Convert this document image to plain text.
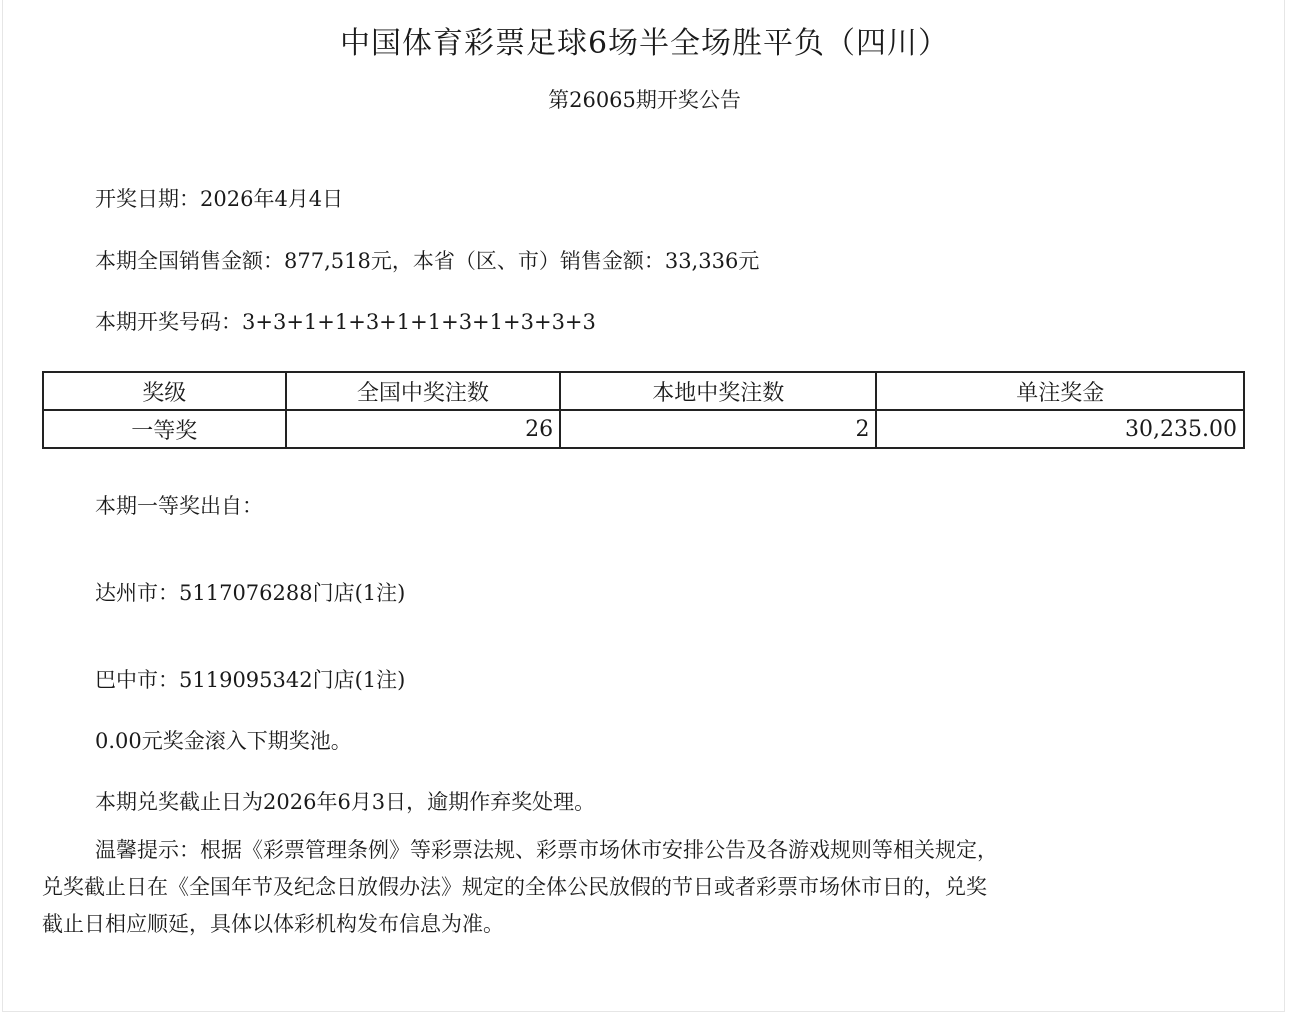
中国体育彩票足球6场半全场胜平负（四川）
第26065期开奖公告
开奖日期：2026年4月4日
本期全国销售金额：877,518元，本省（区、市）销售金额：33,336元
本期开奖号码：3+3+1+1+3+1+1+3+1+3+3+3
奖级	全国中奖注数	本地中奖注数	单注奖金
一等奖	26	2	30,235.00
本期一等奖出自：
达州市：5117076288门店(1注)
巴中市：5119095342门店(1注)
0.00元奖金滚入下期奖池。
本期兑奖截止日为2026年6月3日，逾期作弃奖处理。
温馨提示：根据《彩票管理条例》等彩票法规、彩票市场休市安排公告及各游戏规则等相关规定，
兑奖截止日在《全国年节及纪念日放假办法》规定的全体公民放假的节日或者彩票市场休市日的，兑奖
截止日相应顺延，具体以体彩机构发布信息为准。
